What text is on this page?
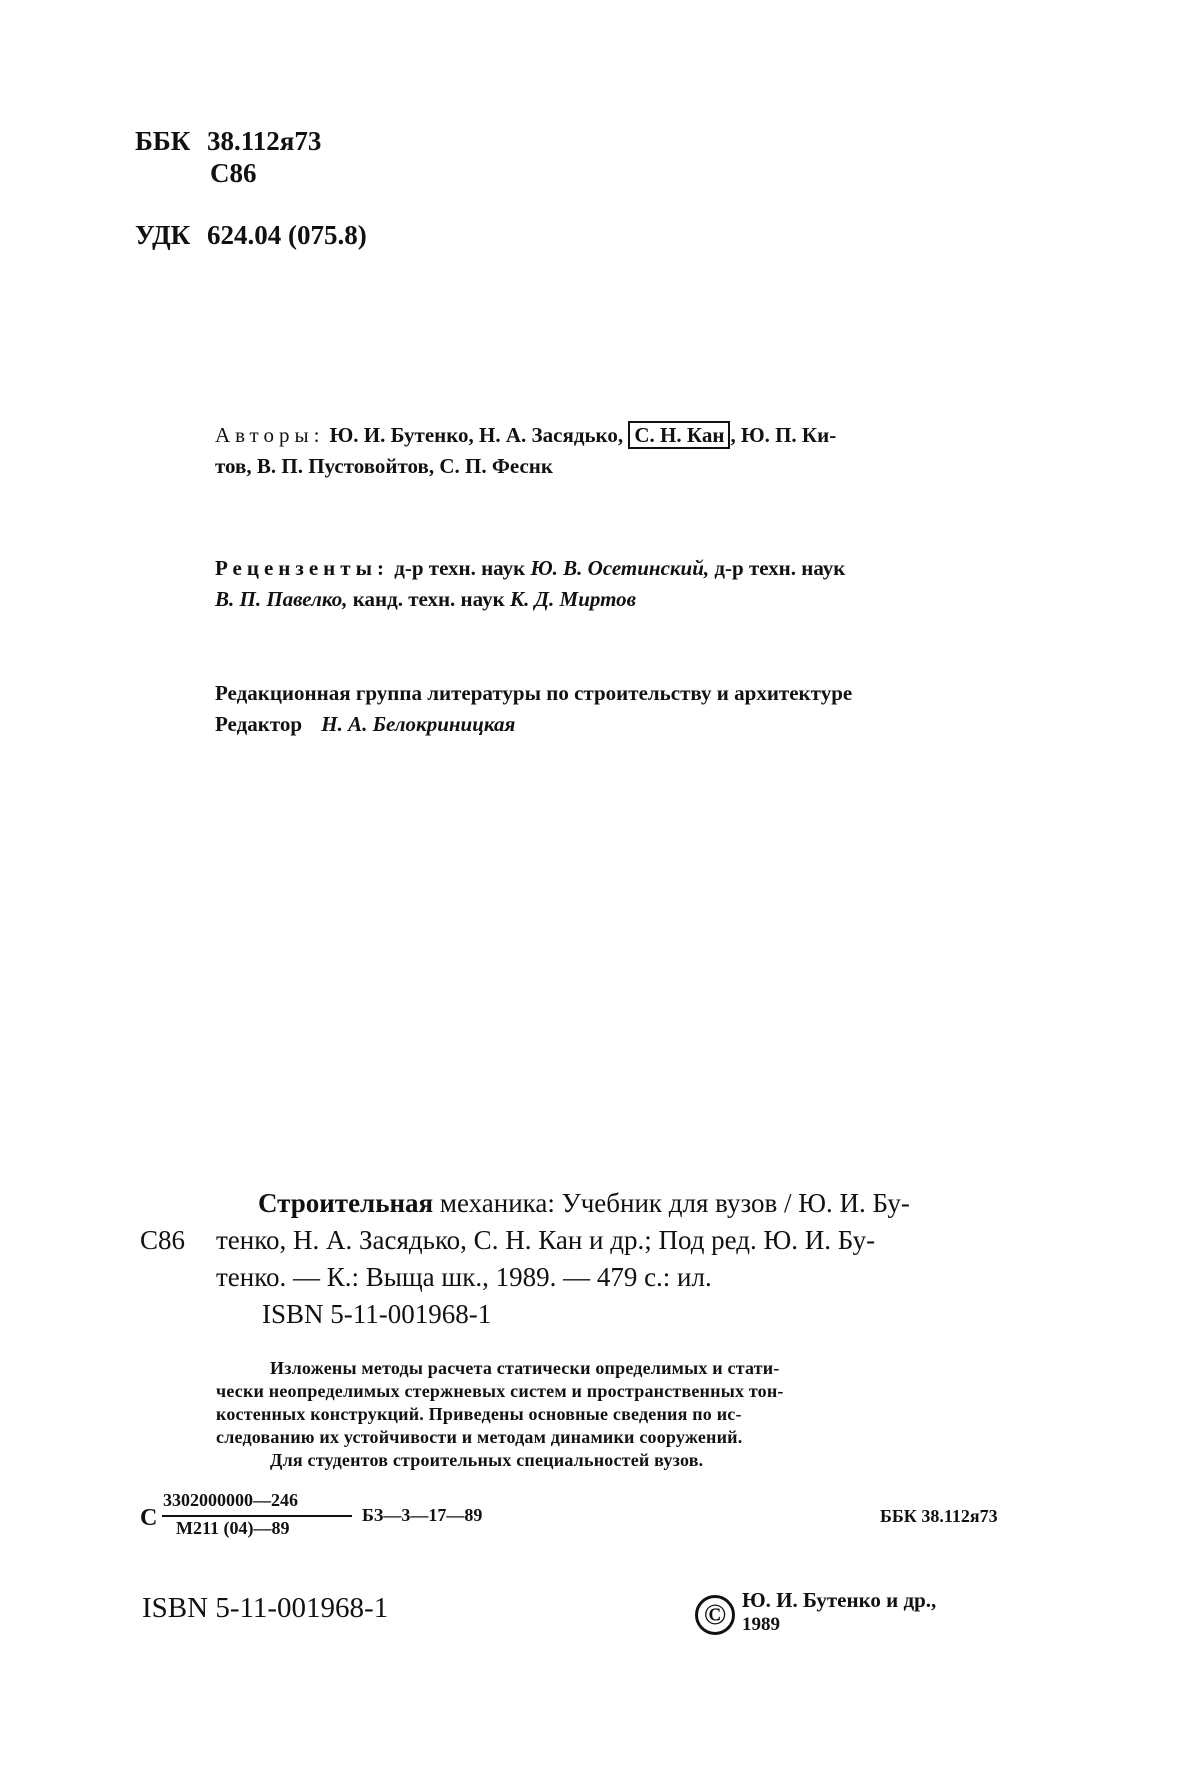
ББК 38.112я73
С86
УДК 624.04 (075.8)
Авторы: Ю. И. Бутенко, Н. А. Засядько, С. Н. Кан , Ю. П. Ки-
тов, В. П. Пустовойтов, С. П. Феснк
Рецензенты: д-р техн. наук Ю. В. Осетинский, д-р техн. наук
В. П. Павелко, канд. техн. наук К. Д. Миртов
Редакционная группа литературы по строительству и архитектуре
Редактор Н. А. Белокриницкая
С86
Строительная механика: Учебник для вузов / Ю. И. Бу-
тенко, Н. А. Засядько, С. Н. Кан и др.; Под ред. Ю. И. Бу-
тенко. — К.: Выща шк., 1989. — 479 с.: ил.
ISBN 5-11-001968-1
Изложены методы расчета статически определимых и стати-
чески неопределимых стержневых систем и пространственных тон-
костенных конструкций. Приведены основные сведения по ис-
следованию их устойчивости и методам динамики сооружений.
Для студентов строительных специальностей вузов.
С
3302000000—246
М211 (04)—89
БЗ—3—17—89	ББК 38.112я73
ISBN 5-11-001968-1	© Ю. И. Бутенко и др.,
1989
